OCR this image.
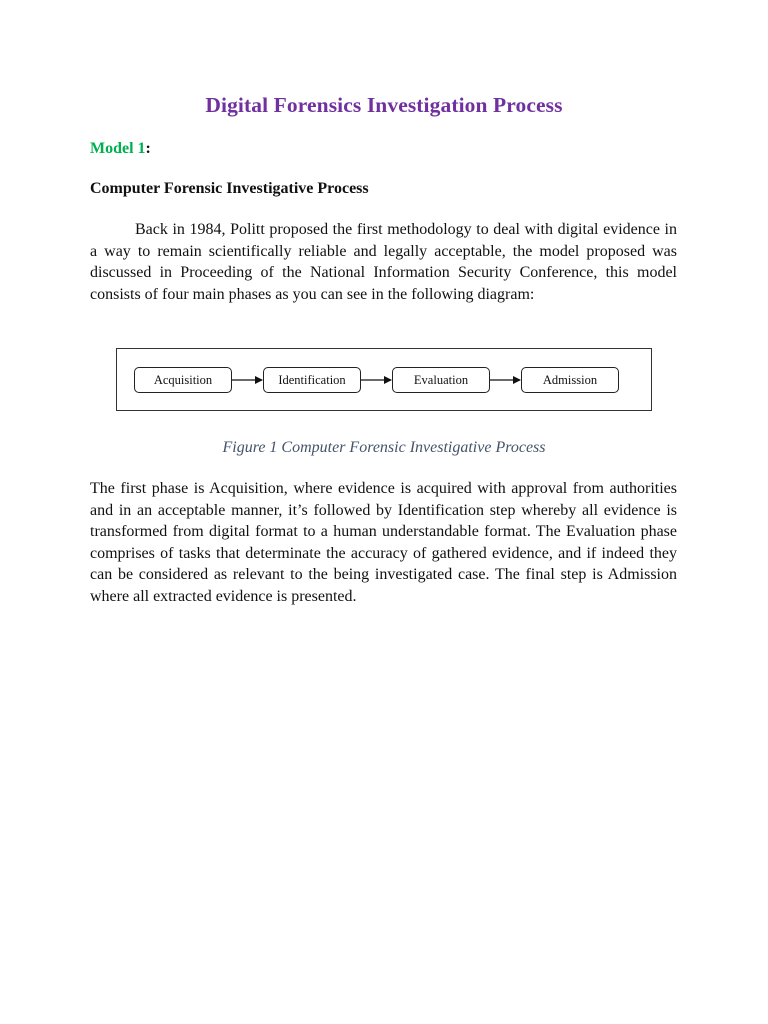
Digital Forensics Investigation Process
Model 1:
Computer Forensic Investigative Process

Back in 1984, Politt proposed the first methodology to deal with digital evidence in a way to remain scientifically reliable and legally acceptable, the model proposed was discussed in Proceeding of the National Information Security Conference, this model consists of four main phases as you can see in the following diagram:

Acquisition	Identification	Evaluation	Admission
Figure 1 Computer Forensic Investigative Process

The first phase is Acquisition, where evidence is acquired with approval from authorities and in an acceptable manner, it’s followed by Identification step whereby all evidence is transformed from digital format to a human understandable format. The Evaluation phase comprises of tasks that determinate the accuracy of gathered evidence, and if indeed they can be considered as relevant to the being investigated case. The final step is Admission where all extracted evidence is presented.
